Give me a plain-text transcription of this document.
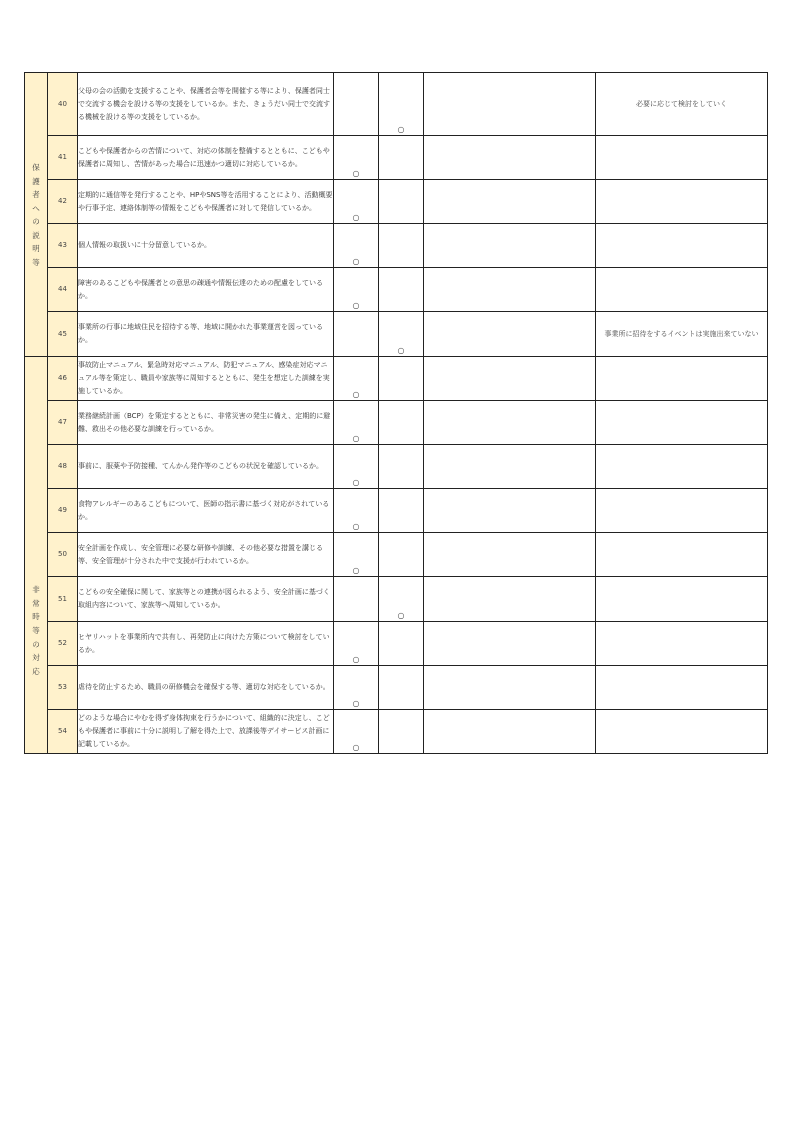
保護者への説明等	40	父母の会の活動を支援することや、保護者会等を開催する等により、保護者同士で交流する機会を設ける等の支援をしているか。また、きょうだい同士で交流する機械を設ける等の支援をしているか。		○		必要に応じて検討をしていく
	41	こどもや保護者からの苦情について、対応の体制を整備するとともに、こどもや保護者に周知し、苦情があった場合に迅速かつ適切に対応しているか。	○			

	42	定期的に通信等を発行することや、HPやSNS等を活用することにより、活動概要や行事予定、連絡体制等の情報をこどもや保護者に対して発信しているか。	○			

	43	個人情報の取扱いに十分留意しているか。	○			

	44	障害のあるこどもや保護者との意思の疎通や情報伝達のための配慮をしているか。	○			

	45	事業所の行事に地域住民を招待する等、地域に開かれた事業運営を図っているか。		○		事業所に招待をするイベントは実施出来ていない
非常時等の対応	46	事故防止マニュアル、緊急時対応マニュアル、防犯マニュアル、感染症対応マニュアル等を策定し、職員や家族等に周知するとともに、発生を想定した訓練を実施しているか。	○			

	47	業務継続計画（BCP）を策定するとともに、非常災害の発生に備え、定期的に避難、救出その他必要な訓練を行っているか。	○			

	48	事前に、服薬や予防接種、てんかん発作等のこどもの状況を確認しているか。	○			

	49	食物アレルギーのあるこどもについて、医師の指示書に基づく対応がされているか。	○			

	50	安全計画を作成し、安全管理に必要な研修や訓練、その他必要な措置を講じる等、安全管理が十分された中で支援が行われているか。	○			

	51	こどもの安全確保に関して、家族等との連携が図られるよう、安全計画に基づく取組内容について、家族等へ周知しているか。		○		

	52	ヒヤリハットを事業所内で共有し、再発防止に向けた方策について検討をしているか。	○			

	53	虐待を防止するため、職員の研修機会を確保する等、適切な対応をしているか。	○			

	54	どのような場合にやむを得ず身体拘束を行うかについて、組織的に決定し、こどもや保護者に事前に十分に説明し了解を得た上で、放課後等デイサービス計画に記載しているか。	○			
